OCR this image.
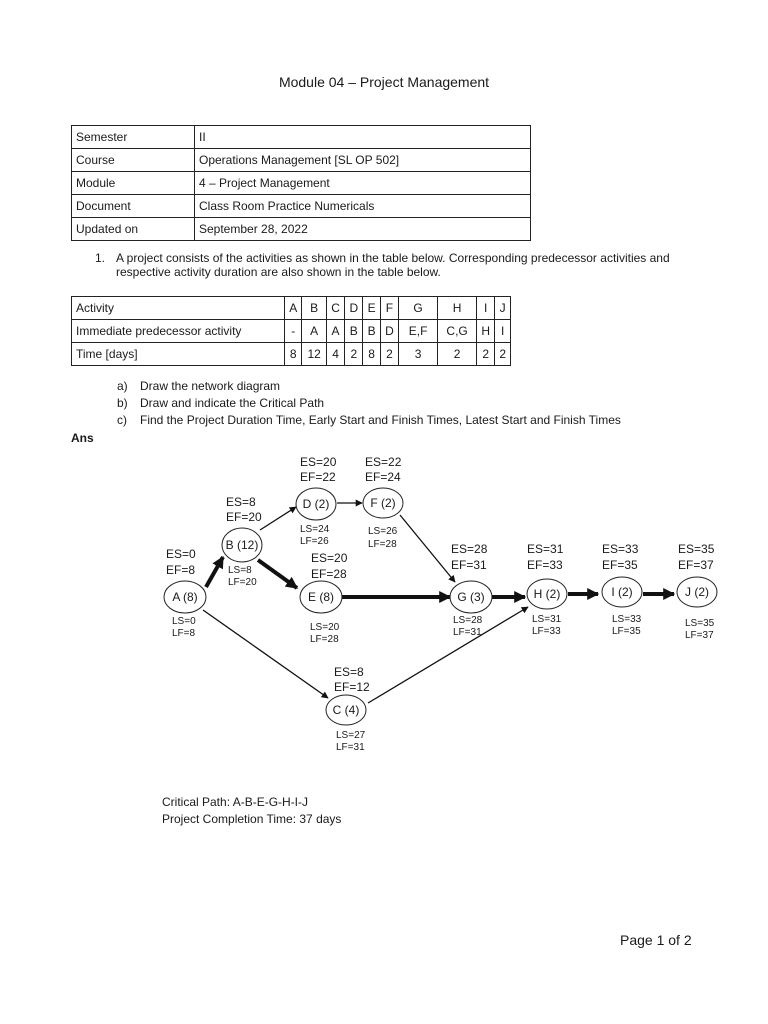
Module 04 – Project Management
Semester	II
Course	Operations Management [SL OP 502]
Module	4 – Project Management
Document	Class Room Practice Numericals
Updated on	September 28, 2022
1. A project consists of the activities as shown in the table below. Corresponding predecessor activities and respective activity duration are also shown in the table below.
Activity	A	B	C	D	E	F	G	H	I	J
Immediate predecessor activity	-	A	A	B	B	D	E,F	C,G	H	I
Time [days]	8	12	4	2	8	2	3	2	2	2
a) Draw the network diagram
b) Draw and indicate the Critical Path
c) Find the Project Duration Time, Early Start and Finish Times, Latest Start and Finish Times
Ans
A (8)
ES=0
EF=8
LS=0
LF=8
B (12)
ES=8
EF=20
LS=8
LF=20
C (4)
ES=8
EF=12
LS=27
LF=31
D (2)
ES=20
EF=22
LS=24
LF=26
E (8)
ES=20
EF=28
LS=20
LF=28
F (2)
ES=22
EF=24
LS=26
LF=28
G (3)
ES=28
EF=31
LS=28
LF=31
H (2)
ES=31
EF=33
LS=31
LF=33
I (2)
ES=33
EF=35
LS=33
LF=35
J (2)
ES=35
EF=37
LS=35
LF=37
Critical Path: A-B-E-G-H-I-J
Project Completion Time: 37 days
Page 1 of 2
